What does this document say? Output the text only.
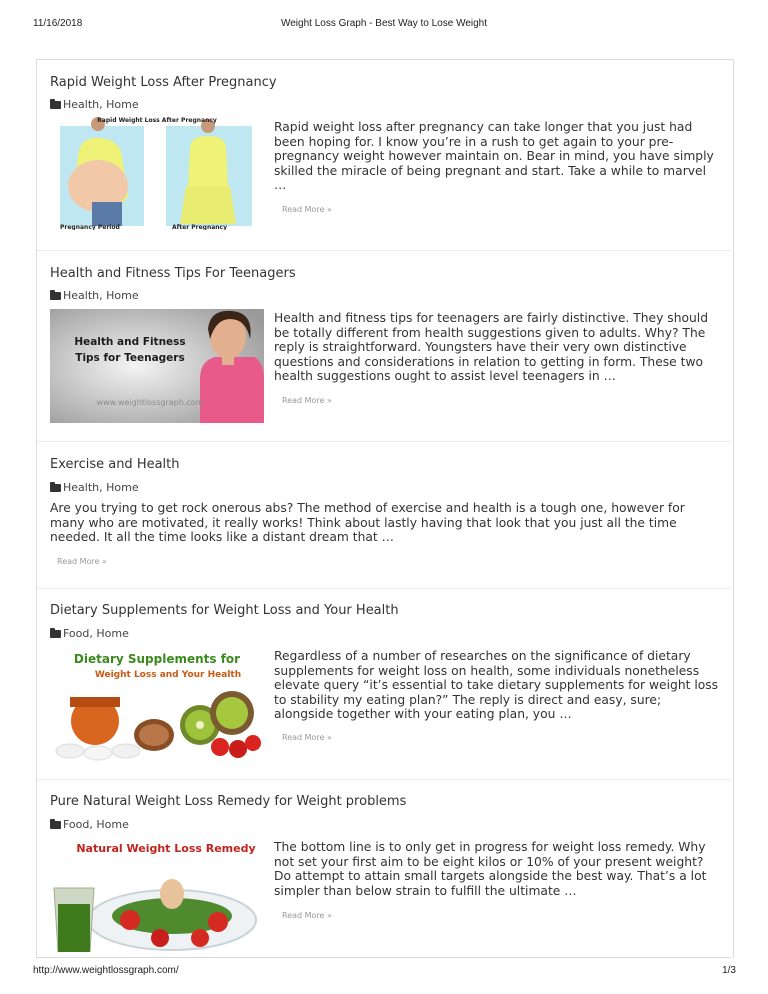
11/16/2018	Weight Loss Graph - Best Way to Lose Weight
Rapid Weight Loss After Pregnancy
Health, Home
Rapid Weight Loss After Pregnancy
Pregnancy Period	After Pregnancy

Rapid weight loss after pregnancy can take longer that you just had been hoping for. I know you’re in a rush to get again to your pre-pregnancy weight however maintain on. Bear in mind, you have simply skilled the miracle of being pregnant and start. Take a while to marvel …

Read More »
Health and Fitness Tips For Teenagers
Health, Home
Health and Fitness
Tips for Teenagers
www.weightlossgraph.com

Health and fitness tips for teenagers are fairly distinctive. They should be totally different from health suggestions given to adults. Why? The reply is straightforward. Youngsters have their very own distinctive questions and considerations in relation to getting in form. These two health suggestions ought to assist level teenagers in …

Read More »
Exercise and Health
Health, Home

Are you trying to get rock onerous abs? The method of exercise and health is a tough one, however for many who are motivated, it really works! Think about lastly having that look that you just all the time needed. It all the time looks like a distant dream that …

Read More »
Dietary Supplements for Weight Loss and Your Health
Food, Home
Dietary Supplements for
Weight Loss and Your Health

Regardless of a number of researches on the significance of dietary supplements for weight loss on health, some individuals nonetheless elevate query “it’s essential to take dietary supplements for weight loss to stability my eating plan?” The reply is direct and easy, sure; alongside together with your eating plan, you …

Read More »
Pure Natural Weight Loss Remedy for Weight problems
Food, Home
Natural Weight Loss Remedy The bottom line is to only get in progress for weight loss remedy. Why not set your first aim to be eight kilos or 10% of your present weight? Do attempt to attain small targets alongside the best way. That’s a lot simpler than below strain to fulfill the ultimate …

Read More »
http://www.weightlossgraph.com/	1/3
